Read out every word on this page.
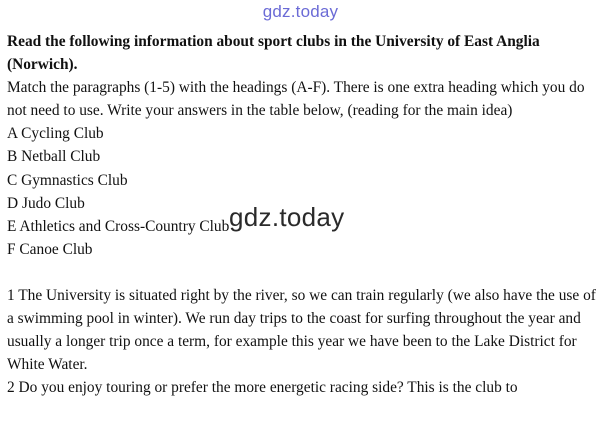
gdz.today

Read the following information about sport clubs in the University of East Anglia (Norwich).

Match the paragraphs (1-5) with the headings (A-F). There is one extra heading which you do not need to use. Write your answers in the table below, (reading for the main idea)

A Cycling Club

B Netball Club

C Gymnastics Club

D Judo Club

E Athletics and Cross-Country Club

F Canoe Club

1 The University is situated right by the river, so we can train regularly (we also have the use of a swimming pool in winter). We run day trips to the coast for surfing throughout the year and usually a longer trip once a term, for example this year we have been to the Lake District for White Water.

2 Do you enjoy touring or prefer the more energetic racing side? This is the club to

gdz.today
